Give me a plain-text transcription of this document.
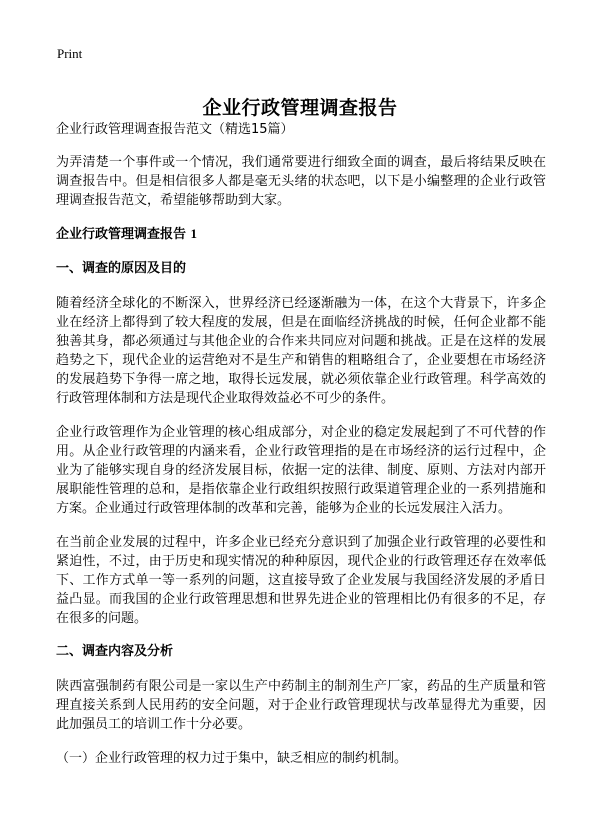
Print
企业行政管理调查报告
企业行政管理调查报告范文（精选15篇）

为弄清楚一个事件或一个情况，我们通常要进行细致全面的调查，最后将结果反映在调查报告中。但是相信很多人都是毫无头绪的状态吧，以下是小编整理的企业行政管理调查报告范文，希望能够帮助到大家。

企业行政管理调查报告 1
一、调查的原因及目的

随着经济全球化的不断深入，世界经济已经逐渐融为一体，在这个大背景下，许多企业在经济上都得到了较大程度的发展，但是在面临经济挑战的时候，任何企业都不能独善其身，都必须通过与其他企业的合作来共同应对问题和挑战。正是在这样的发展趋势之下，现代企业的运营绝对不是生产和销售的粗略组合了，企业要想在市场经济的发展趋势下争得一席之地，取得长远发展，就必须依靠企业行政管理。科学高效的行政管理体制和方法是现代企业取得效益必不可少的条件。

企业行政管理作为企业管理的核心组成部分，对企业的稳定发展起到了不可代替的作用。从企业行政管理的内涵来看，企业行政管理指的是在市场经济的运行过程中，企业为了能够实现自身的经济发展目标，依据一定的法律、制度、原则、方法对内部开展职能性管理的总和，是指依靠企业行政组织按照行政渠道管理企业的一系列措施和方案。企业通过行政管理体制的改革和完善，能够为企业的长远发展注入活力。

在当前企业发展的过程中，许多企业已经充分意识到了加强企业行政管理的必要性和紧迫性，不过，由于历史和现实情况的种种原因，现代企业的行政管理还存在效率低下、工作方式单一等一系列的问题，这直接导致了企业发展与我国经济发展的矛盾日益凸显。而我国的企业行政管理思想和世界先进企业的管理相比仍有很多的不足，存在很多的问题。

二、调查内容及分析

陕西富强制药有限公司是一家以生产中药制主的制剂生产厂家，药品的生产质量和管理直接关系到人民用药的安全问题，对于企业行政管理现状与改革显得尤为重要，因此加强员工的培训工作十分必要。

（一）企业行政管理的权力过于集中，缺乏相应的制约机制。
